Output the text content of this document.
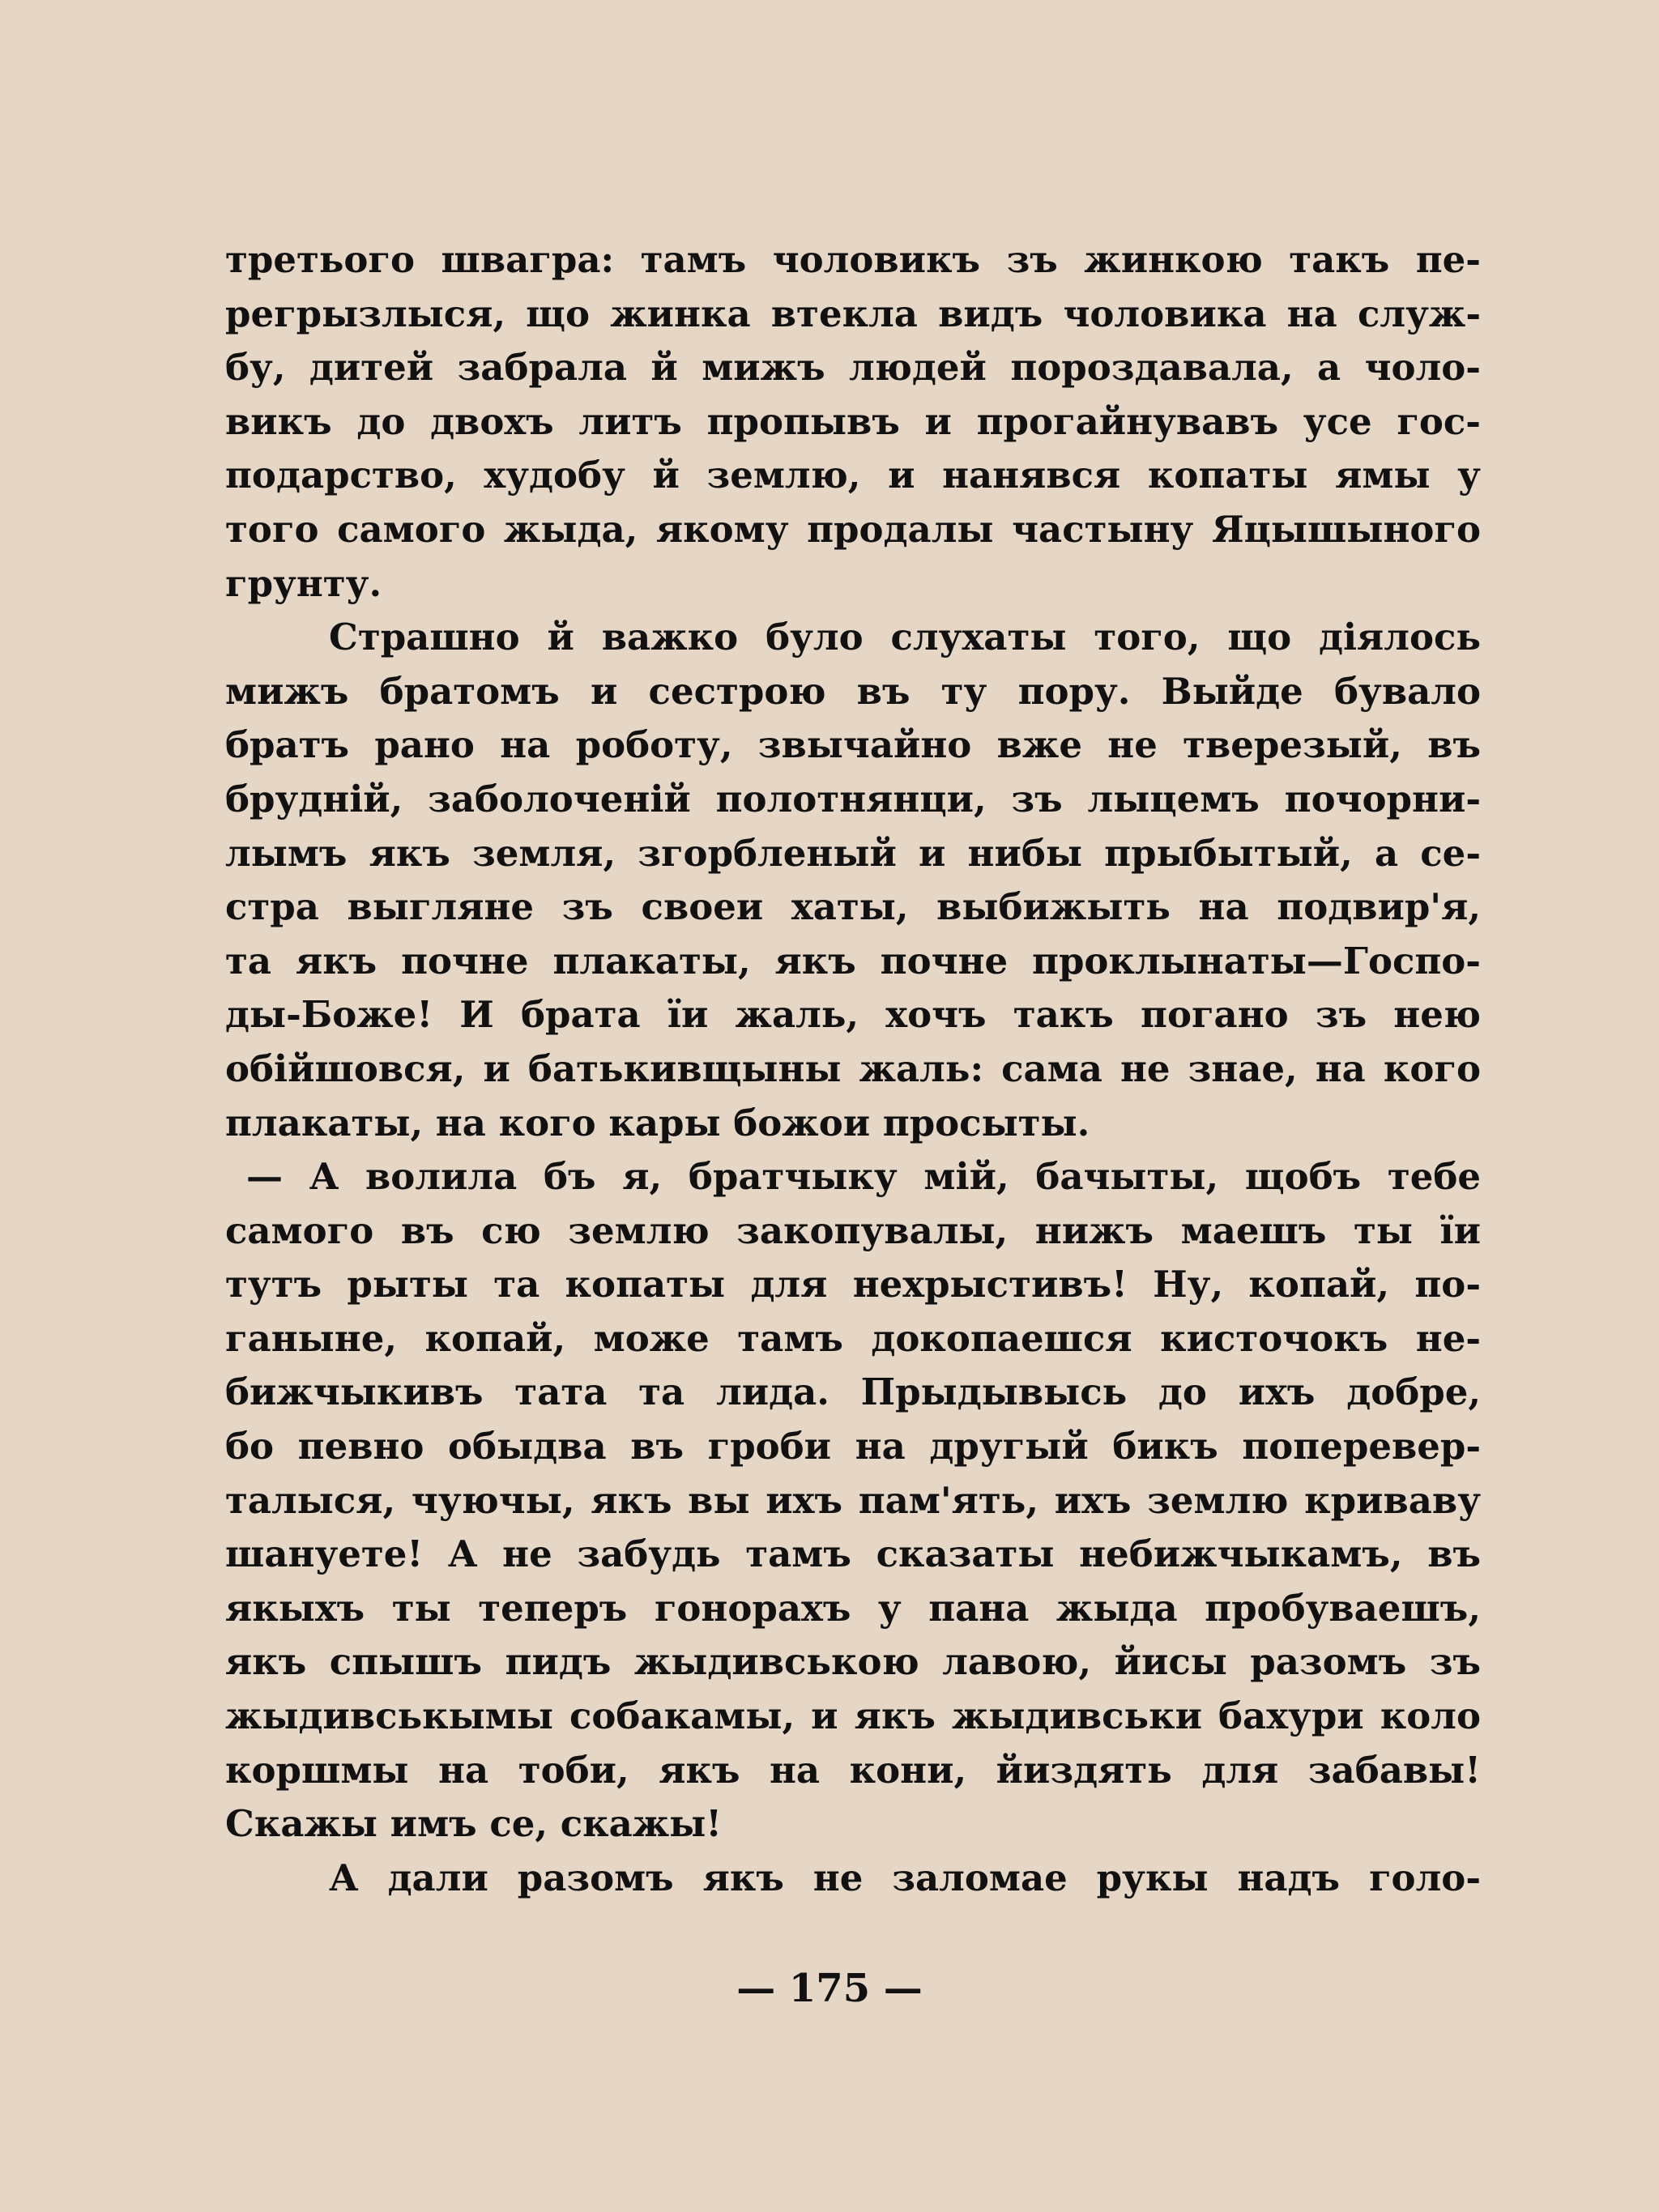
третього швагра: тамъ чоловикъ зъ жинкою такъ пе-
регрызлыся, що жинка втекла видъ чоловика на служ-
бу, дитей забрала й мижъ людей пороздавала, а чоло-
викъ до двохъ литъ пропывъ и прогайнувавъ усе гос-
подарство, худобу й землю, и нанявся копаты ямы у
того самого жыда, якому продалы частыну Яцышыного
грунту.
Страшно й важко було слухаты того, що діялось
мижъ братомъ и сестрою въ ту пору. Выйде бувало
братъ рано на роботу, звычайно вже не тверезый, въ
брудній, заболоченій полотнянци, зъ лыцемъ почорни-
лымъ якъ земля, згорбленый и нибы прыбытый, а се-
стра выгляне зъ своеи хаты, выбижыть на подвир'я,
та якъ почне плакаты, якъ почне проклынаты—Госпо-
ды-Боже! И брата ïи жаль, хочъ такъ погано зъ нею
обійшовся, и батькивщыны жаль: сама не знае, на кого
плакаты, на кого кары божои просыты.
— А волила бъ я, братчыку мій, бачыты, щобъ тебе
самого въ сю землю закопувалы, нижъ маешъ ты ïи
тутъ рыты та копаты для нехрыстивъ! Ну, копай, по-
ганыне, копай, може тамъ докопаешся кисточокъ не-
бижчыкивъ тата та лида. Прыдывысь до ихъ добре,
бо певно обыдва въ гроби на другый бикъ поперевер-
талыся, чуючы, якъ вы ихъ пам'ять, ихъ землю криваву
шануете! А не забудь тамъ сказаты небижчыкамъ, въ
якыхъ ты теперъ гонорахъ у пана жыда пробуваешъ,
якъ спышъ пидъ жыдивськoю лавою, йисы разомъ зъ
жыдивськымы собакамы, и якъ жыдивськи бахури коло
коршмы на тоби, якъ на кони, йиздять для забавы!
Скажы имъ се, скажы!
А дали разомъ якъ не заломае рукы надъ голо-
— 175 —
